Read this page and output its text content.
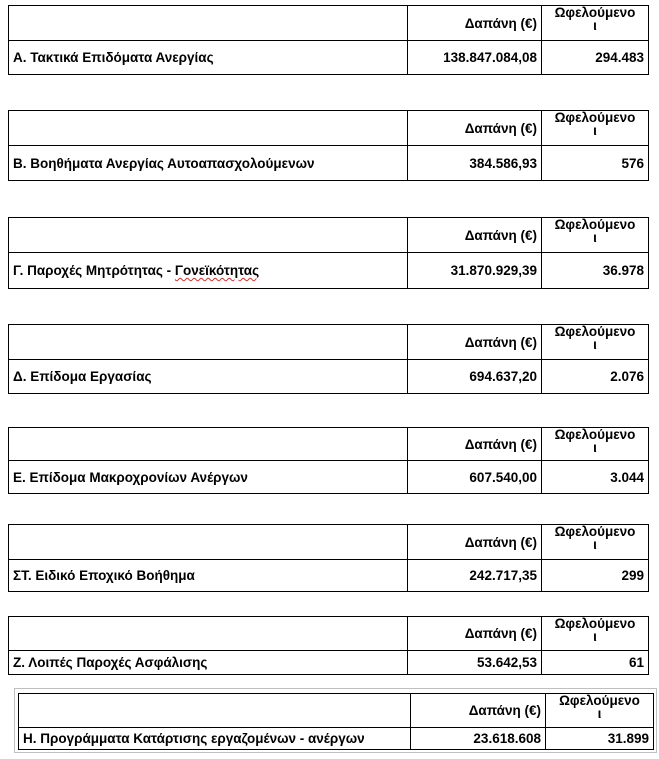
	Δαπάνη (€)	Ωφελούμενο
ι

Α. Τακτικά Επιδόματα Ανεργίας	138.847.084,08	294.483
	Δαπάνη (€)	Ωφελούμενο
ι

Β. Βοηθήματα Ανεργίας Αυτοαπασχολούμενων	384.586,93	576
	Δαπάνη (€)	Ωφελούμενο
ι

Γ. Παροχές Μητρότητας - Γονεϊκότητας	31.870.929,39	36.978
	Δαπάνη (€)	Ωφελούμενο
ι

Δ. Επίδομα Εργασίας	694.637,20	2.076
	Δαπάνη (€)	Ωφελούμενο
ι

Ε. Επίδομα Μακροχρονίων Ανέργων	607.540,00	3.044
	Δαπάνη (€)	Ωφελούμενο
ι

ΣΤ. Ειδικό Εποχικό Βοήθημα	242.717,35	299
	Δαπάνη (€)	Ωφελούμενο
ι

Ζ. Λοιπές Παροχές Ασφάλισης	53.642,53	61
	Δαπάνη (€)	Ωφελούμενο
ι

Η. Προγράμματα Κατάρτισης εργαζομένων - ανέργων	23.618.608	31.899
